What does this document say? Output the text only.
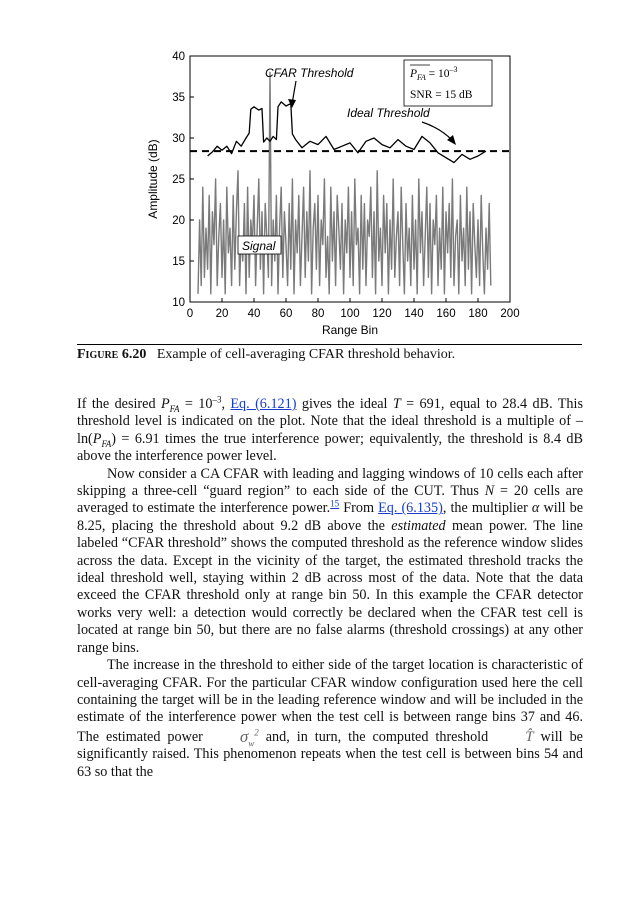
0 20 40 60 80 100 120 140 160 180 200
10
15
20
25
30
35
40
CFAR Threshold
Ideal Threshold
Signal
$P_{FA} = 10^{-3}$
SNR = 15 dB
Range Bin
Amplitude (dB)
Figure 6.20 Example of cell-averaging CFAR threshold behavior.

If the desired $P_{FA} = 10^{-3}$, Eq. (6.121) gives the ideal T = 691, equal to 28.4 dB. This threshold level is indicated on the plot. Note that the ideal threshold is a multiple of $-\ln(P_{FA}) = 6.91$ times the true interference power; equivalently, the threshold is 8.4 dB above the interference power level.

Now consider a CA CFAR with leading and lagging windows of 10 cells each after skipping a three-cell “guard region” to each side of the CUT. Thus N = 20 cells are averaged to estimate the interference power.$^{15}$ From Eq. (6.135), the multiplier α will be 8.25, placing the threshold about 9.2 dB above the estimated mean power. The line labeled “CFAR threshold” shows the computed threshold as the reference window slides across the data. Except in the vicinity of the target, the estimated threshold tracks the ideal threshold well, staying within 2 dB across most of the data. Note that the data exceed the CFAR threshold only at range bin 50. In this example the CFAR detector works very well: a detection would correctly be declared when the CFAR test cell is located at range bin 50, but there are no false alarms (threshold crossings) at any other range bins.

The increase in the threshold to either side of the target location is characteristic of cell-averaging CFAR. For the particular CFAR window configuration used here the cell containing the target will be in the leading reference window and will be included in the estimate of the interference power when the test cell is between range bins 37 and 46. The estimated power $\sigma_w^2$ and, in turn, the computed threshold T̂ will be significantly raised. This phenomenon repeats when the test cell is between bins 54 and 63 so that the
